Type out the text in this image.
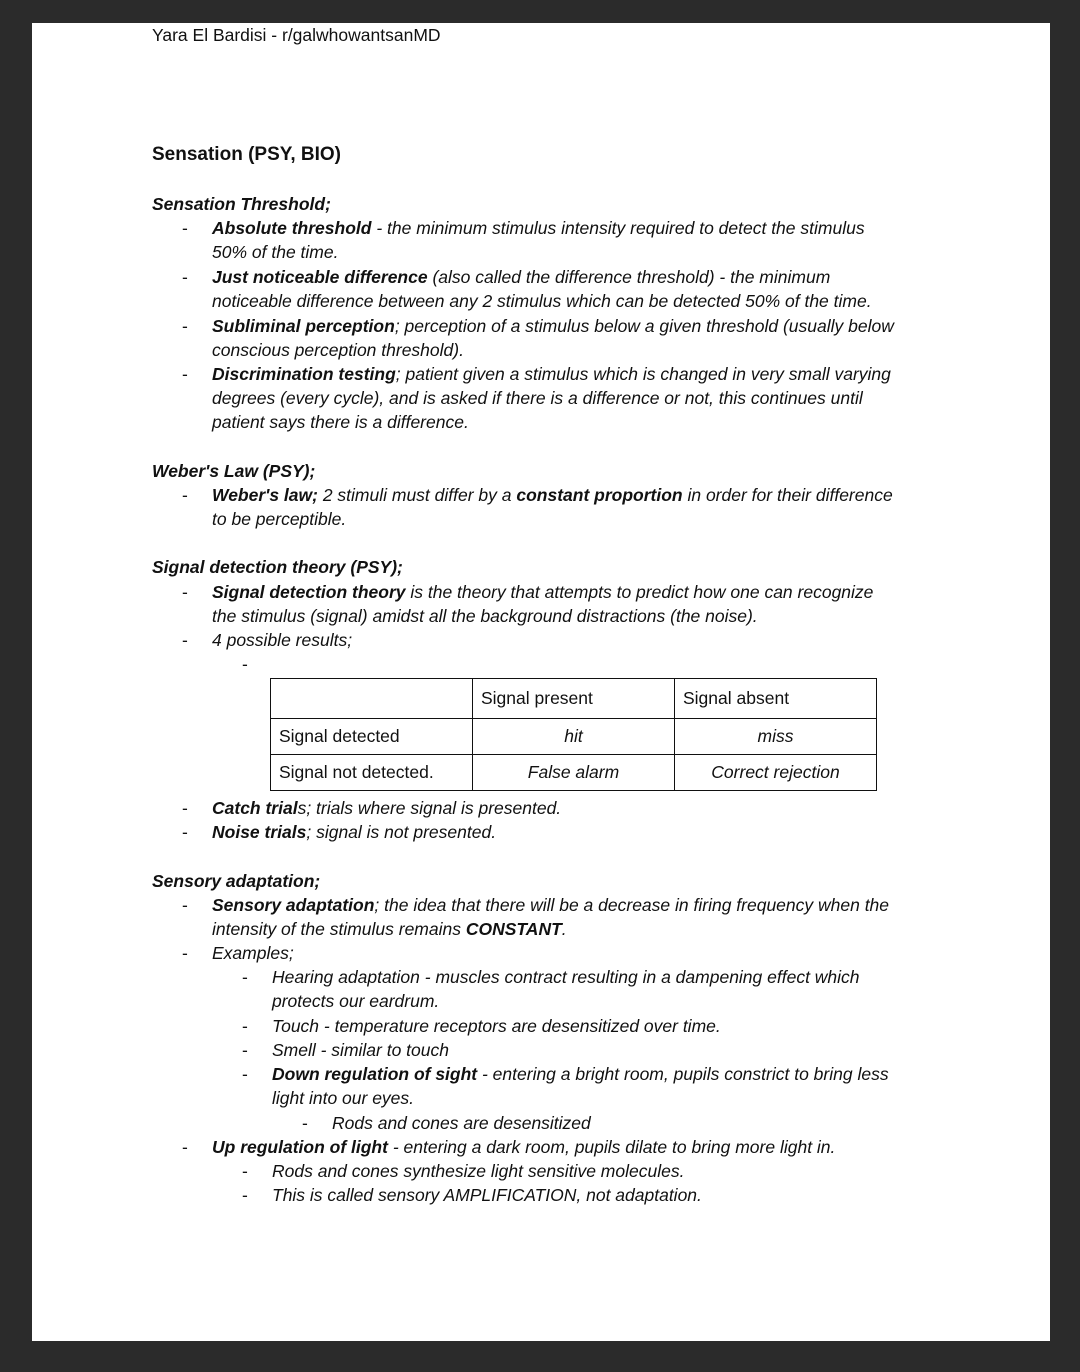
Yara El Bardisi - r/galwhowantsanMD
Sensation (PSY, BIO)
Sensation Threshold;
- Absolute threshold - the minimum stimulus intensity required to detect the stimulus
50% of the time.
- Just noticeable difference (also called the difference threshold) - the minimum
noticeable difference between any 2 stimulus which can be detected 50% of the time.
- Subliminal perception; perception of a stimulus below a given threshold (usually below
conscious perception threshold).
- Discrimination testing; patient given a stimulus which is changed in very small varying
degrees (every cycle), and is asked if there is a difference or not, this continues until
patient says there is a difference.
Weber's Law (PSY);
- Weber's law; 2 stimuli must differ by a constant proportion in order for their difference
to be perceptible.
Signal detection theory (PSY);
- Signal detection theory is the theory that attempts to predict how one can recognize
the stimulus (signal) amidst all the background distractions (the noise).
- 4 possible results;
-
	Signal present	Signal absent
Signal detected	hit	miss
Signal not detected.	False alarm	Correct rejection
- Catch trials; trials where signal is presented.
- Noise trials; signal is not presented.
Sensory adaptation;
- Sensory adaptation; the idea that there will be a decrease in firing frequency when the
intensity of the stimulus remains CONSTANT.
- Examples;
- Hearing adaptation - muscles contract resulting in a dampening effect which
protects our eardrum.
- Touch - temperature receptors are desensitized over time.
- Smell - similar to touch
- Down regulation of sight - entering a bright room, pupils constrict to bring less
light into our eyes.
- Rods and cones are desensitized
- Up regulation of light - entering a dark room, pupils dilate to bring more light in.
- Rods and cones synthesize light sensitive molecules.
- This is called sensory AMPLIFICATION, not adaptation.
